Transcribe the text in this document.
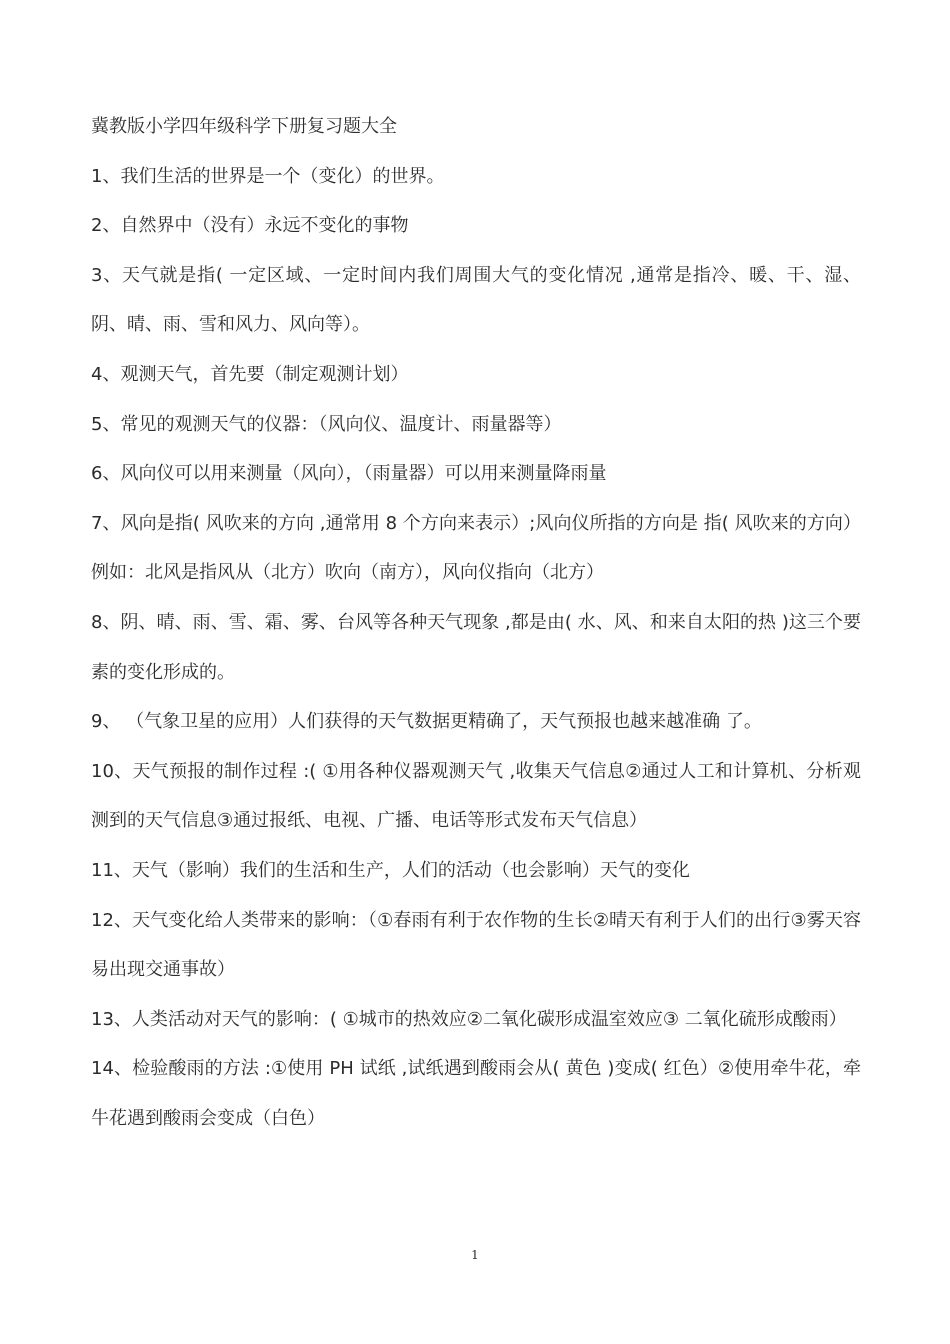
冀教版小学四年级科学下册复习题大全

1、我们生活的世界是一个（变化）的世界。

2、自然界中（没有）永远不变化的事物

3、天气就是指( 一定区域、一定时间内我们周围大气的变化情况 ,通常是指冷、暖、干、湿、阴、晴、雨、雪和风力、风向等）。

4、观测天气，首先要（制定观测计划）

5、常见的观测天气的仪器：（风向仪、温度计、雨量器等）

6、风向仪可以用来测量（风向），（雨量器）可以用来测量降雨量

7、风向是指( 风吹来的方向 ,通常用 8 个方向来表示）;风向仪所指的方向是 指( 风吹来的方向）例如：北风是指风从（北方）吹向（南方），风向仪指向（北方）

8、阴、晴、雨、雪、霜、雾、台风等各种天气现象 ,都是由( 水、风、和来自太阳的热 )这三个要素的变化形成的。

9、 （气象卫星的应用）人们获得的天气数据更精确了，天气预报也越来越准确 了。

10、天气预报的制作过程 :( ①用各种仪器观测天气 ,收集天气信息②通过人工和计算机、分析观测到的天气信息③通过报纸、电视、广播、电话等形式发布天气信息）

11、天气（影响）我们的生活和生产，人们的活动（也会影响）天气的变化

12、天气变化给人类带来的影响：（①春雨有利于农作物的生长②晴天有利于人们的出行③雾天容易出现交通事故）

13、人类活动对天气的影响：( ①城市的热效应②二氧化碳形成温室效应③ 二氧化硫形成酸雨）

14、检验酸雨的方法 :①使用 PH 试纸 ,试纸遇到酸雨会从( 黄色 )变成( 红色）②使用牵牛花，牵牛花遇到酸雨会变成（白色）

1
